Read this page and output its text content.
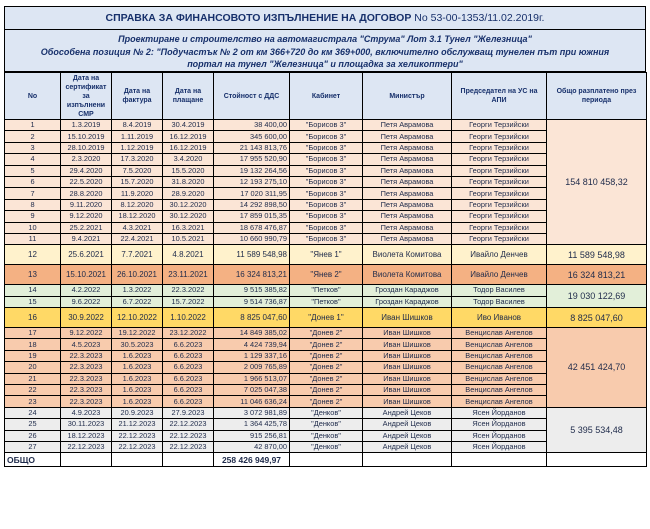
СПРАВКА ЗА ФИНАНСОВОТО ИЗПЪЛНЕНИЕ НА ДОГОВОР No 53-00-1353/11.02.2019г.
Проектиране и строителство на автомагистрала "Струма" Лот 3.1 Тунел "Железница"
Обособена позиция № 2: "Подучастък № 2 от км 366+720 до км 369+000, включително обслужващ тунелен път при южния
портал на тунел "Железница" и площадка за хеликоптери"
No	Дата на сертификат за изпълнени СМР	Дата на фактура	Дата на плащане	Стойност с ДДС	Кабинет	Министър	Председател на УС на АПИ	Общо разплатено през периода
1	1.3.2019	8.4.2019	30.4.2019	38 400,00	"Борисов 3"	Петя Аврамова	Георги Терзийски	154 810 458,32
2	15.10.2019	1.11.2019	16.12.2019	345 600,00	"Борисов 3"	Петя Аврамова	Георги Терзийски	
3	28.10.2019	1.12.2019	16.12.2019	21 143 813,76	"Борисов 3"	Петя Аврамова	Георги Терзийски	
4	2.3.2020	17.3.2020	3.4.2020	17 955 520,90	"Борисов 3"	Петя Аврамова	Георги Терзийски	
5	29.4.2020	7.5.2020	15.5.2020	19 132 264,56	"Борисов 3"	Петя Аврамова	Георги Терзийски	
6	22.5.2020	15.7.2020	31.8.2020	12 193 275,10	"Борисов 3"	Петя Аврамова	Георги Терзийски	
7	28.8.2020	11.9.2020	28.9.2020	17 020 311,95	"Борисов 3"	Петя Аврамова	Георги Терзийски	
8	9.11.2020	8.12.2020	30.12.2020	14 292 898,50	"Борисов 3"	Петя Аврамова	Георги Терзийски	
9	9.12.2020	18.12.2020	30.12.2020	17 859 015,35	"Борисов 3"	Петя Аврамова	Георги Терзийски	
10	25.2.2021	4.3.2021	16.3.2021	18 678 476,87	"Борисов 3"	Петя Аврамова	Георги Терзийски	
11	9.4.2021	22.4.2021	10.5.2021	10 660 990,79	"Борисов 3"	Петя Аврамова	Георги Терзийски	
12	25.6.2021	7.7.2021	4.8.2021	11 589 548,98	"Янев 1"	Виолета Комитова	Ивайло Денчев	11 589 548,98
13	15.10.2021	26.10.2021	23.11.2021	16 324 813,21	"Янев 2"	Виолета Комитова	Ивайло Денчев	16 324 813,21
14	4.2.2022	1.3.2022	22.3.2022	9 515 385,82	"Петков"	Гроздан Караджов	Тодор Василев	19 030 122,69
15	9.6.2022	6.7.2022	15.7.2022	9 514 736,87	"Петков"	Гроздан Караджов	Тодор Василев	
16	30.9.2022	12.10.2022	1.10.2022	8 825 047,60	"Донев 1"	Иван Шишков	Иво Иванов	8 825 047,60
17	9.12.2022	19.12.2022	23.12.2022	14 849 385,02	"Донев 2"	Иван Шишков	Венцислав Ангелов	42 451 424,70
18	4.5.2023	30.5.2023	6.6.2023	4 424 739,94	"Донев 2"	Иван Шишков	Венцислав Ангелов	
19	22.3.2023	1.6.2023	6.6.2023	1 129 337,16	"Донев 2"	Иван Шишков	Венцислав Ангелов	
20	22.3.2023	1.6.2023	6.6.2023	2 009 765,89	"Донев 2"	Иван Шишков	Венцислав Ангелов	
21	22.3.2023	1.6.2023	6.6.2023	1 966 513,07	"Донев 2"	Иван Шишков	Венцислав Ангелов	
22	22.3.2023	1.6.2023	6.6.2023	7 025 047,38	"Донев 2"	Иван Шишков	Венцислав Ангелов	
23	22.3.2023	1.6.2023	6.6.2023	11 046 636,24	"Донев 2"	Иван Шишков	Венцислав Ангелов	
24	4.9.2023	20.9.2023	27.9.2023	3 072 981,89	"Денков"	Андрей Цеков	Ясен Йорданов	5 395 534,48
25	30.11.2023	21.12.2023	22.12.2023	1 364 425,78	"Денков"	Андрей Цеков	Ясен Йорданов	
26	18.12.2023	22.12.2023	22.12.2023	915 256,81	"Денков"	Андрей Цеков	Ясен Йорданов	
27	22.12.2023	22.12.2023	22.12.2023	42 870,00	"Денков"	Андрей Цеков	Ясен Йорданов	
ОБЩО				258 426 949,97				
